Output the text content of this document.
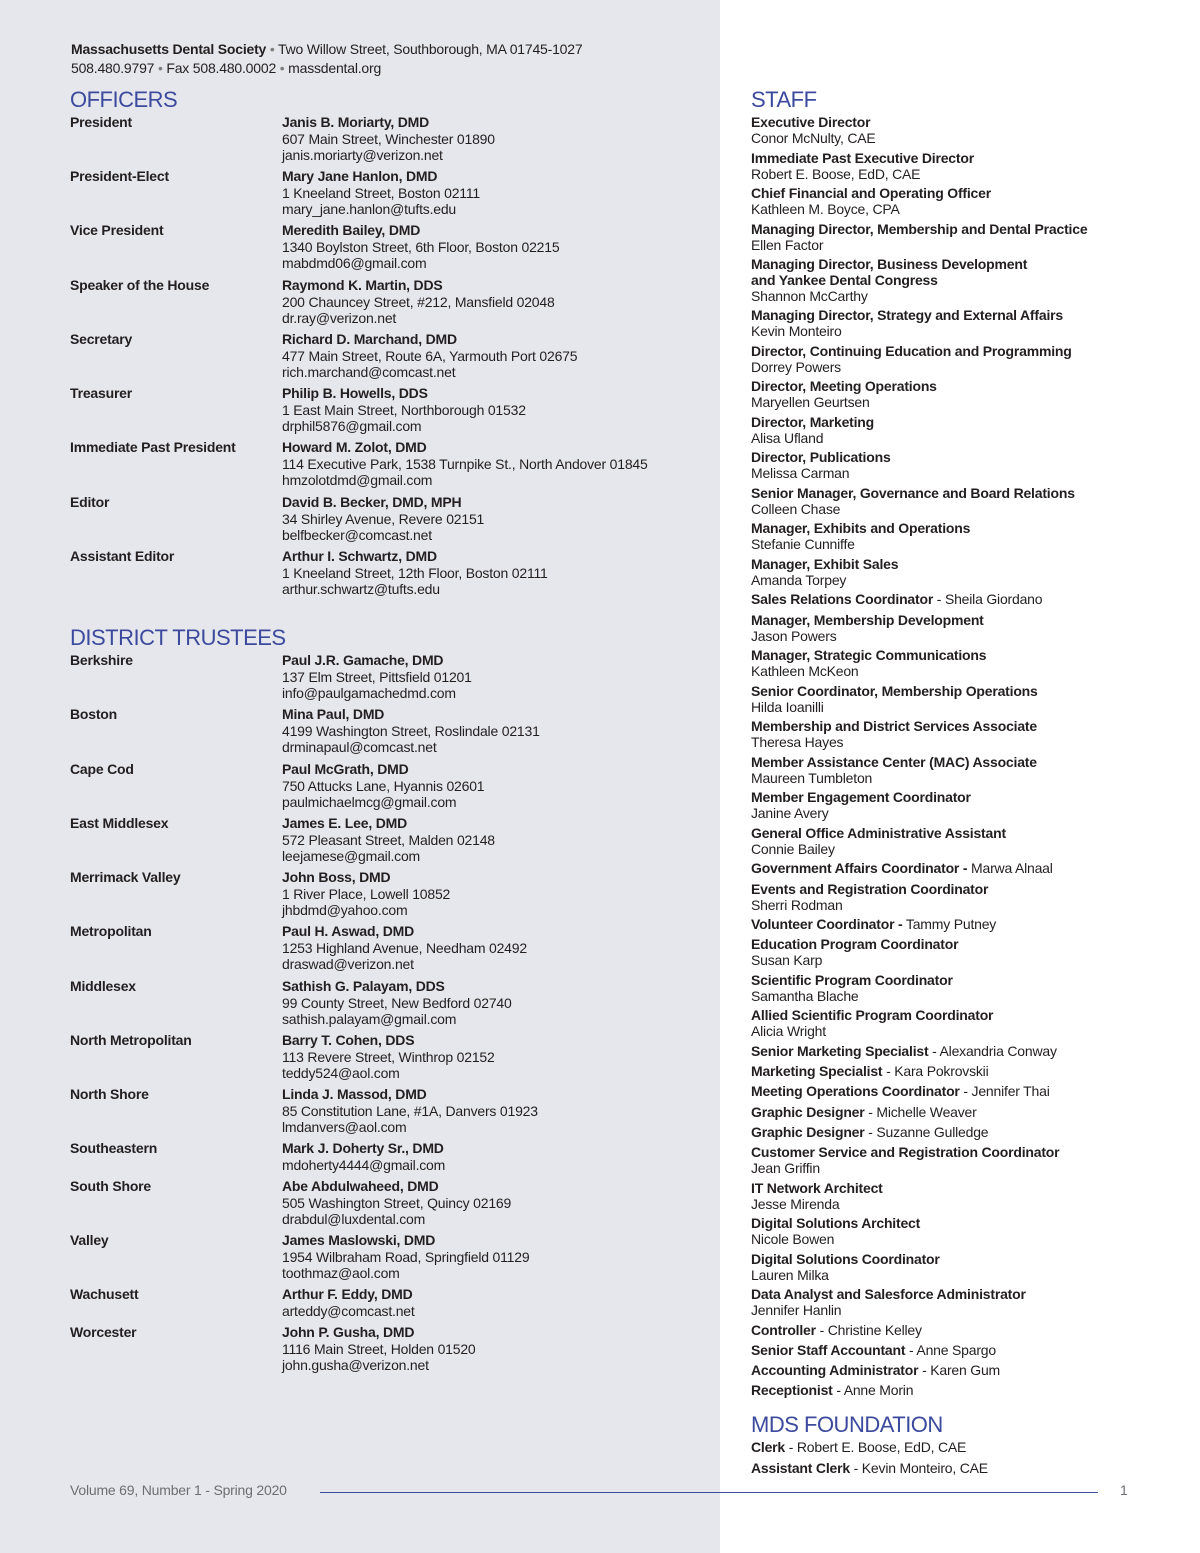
Massachusetts Dental Society • Two Willow Street, Southborough, MA 01745-1027
508.480.9797 • Fax 508.480.0002 • massdental.org
OFFICERS
President	Janis B. Moriarty, DMD
607 Main Street, Winchester 01890
janis.moriarty@verizon.net
President-Elect	Mary Jane Hanlon, DMD
1 Kneeland Street, Boston 02111
mary_jane.hanlon@tufts.edu
Vice President	Meredith Bailey, DMD
1340 Boylston Street, 6th Floor, Boston 02215
mabdmd06@gmail.com
Speaker of the House	Raymond K. Martin, DDS
200 Chauncey Street, #212, Mansfield 02048
dr.ray@verizon.net
Secretary	Richard D. Marchand, DMD
477 Main Street, Route 6A, Yarmouth Port 02675
rich.marchand@comcast.net
Treasurer	Philip B. Howells, DDS
1 East Main Street, Northborough 01532
drphil5876@gmail.com
Immediate Past President	Howard M. Zolot, DMD
114 Executive Park, 1538 Turnpike St., North Andover 01845
hmzolotdmd@gmail.com
Editor	David B. Becker, DMD, MPH
34 Shirley Avenue, Revere 02151
belfbecker@comcast.net
Assistant Editor	Arthur I. Schwartz, DMD
1 Kneeland Street, 12th Floor, Boston 02111
arthur.schwartz@tufts.edu
DISTRICT TRUSTEES
Berkshire	Paul J.R. Gamache, DMD
137 Elm Street, Pittsfield 01201
info@paulgamachedmd.com
Boston	Mina Paul, DMD
4199 Washington Street, Roslindale 02131
drminapaul@comcast.net
Cape Cod	Paul McGrath, DMD
750 Attucks Lane, Hyannis 02601
paulmichaelmcg@gmail.com
East Middlesex	James E. Lee, DMD
572 Pleasant Street, Malden 02148
leejamese@gmail.com
Merrimack Valley	John Boss, DMD
1 River Place, Lowell 10852
jhbdmd@yahoo.com
Metropolitan	Paul H. Aswad, DMD
1253 Highland Avenue, Needham 02492
draswad@verizon.net
Middlesex	Sathish G. Palayam, DDS
99 County Street, New Bedford 02740
sathish.palayam@gmail.com
North Metropolitan	Barry T. Cohen, DDS
113 Revere Street, Winthrop 02152
teddy524@aol.com
North Shore	Linda J. Massod, DMD
85 Constitution Lane, #1A, Danvers 01923
lmdanvers@aol.com
Southeastern	Mark J. Doherty Sr., DMD
mdoherty4444@gmail.com
South Shore	Abe Abdulwaheed, DMD
505 Washington Street, Quincy 02169
drabdul@luxdental.com
Valley	James Maslowski, DMD
1954 Wilbraham Road, Springfield 01129
toothmaz@aol.com
Wachusett	Arthur F. Eddy, DMD
arteddy@comcast.net
Worcester	John P. Gusha, DMD
1116 Main Street, Holden 01520
john.gusha@verizon.net
STAFF
Executive Director
Conor McNulty, CAE
Immediate Past Executive Director
Robert E. Boose, EdD, CAE
Chief Financial and Operating Officer
Kathleen M. Boyce, CPA
Managing Director, Membership and Dental Practice
Ellen Factor
Managing Director, Business Development
and Yankee Dental Congress
Shannon McCarthy
Managing Director, Strategy and External Affairs
Kevin Monteiro
Director, Continuing Education and Programming
Dorrey Powers
Director, Meeting Operations
Maryellen Geurtsen
Director, Marketing
Alisa Ufland
Director, Publications
Melissa Carman
Senior Manager, Governance and Board Relations
Colleen Chase
Manager, Exhibits and Operations
Stefanie Cunniffe
Manager, Exhibit Sales
Amanda Torpey
Sales Relations Coordinator - Sheila Giordano
Manager, Membership Development
Jason Powers
Manager, Strategic Communications
Kathleen McKeon
Senior Coordinator, Membership Operations
Hilda Ioanilli
Membership and District Services Associate
Theresa Hayes
Member Assistance Center (MAC) Associate
Maureen Tumbleton
Member Engagement Coordinator
Janine Avery
General Office Administrative Assistant
Connie Bailey
Government Affairs Coordinator - Marwa Alnaal
Events and Registration Coordinator
Sherri Rodman
Volunteer Coordinator - Tammy Putney
Education Program Coordinator
Susan Karp
Scientific Program Coordinator
Samantha Blache
Allied Scientific Program Coordinator
Alicia Wright
Senior Marketing Specialist - Alexandria Conway
Marketing Specialist - Kara Pokrovskii
Meeting Operations Coordinator - Jennifer Thai
Graphic Designer - Michelle Weaver
Graphic Designer - Suzanne Gulledge
Customer Service and Registration Coordinator
Jean Griffin
IT Network Architect
Jesse Mirenda
Digital Solutions Architect
Nicole Bowen
Digital Solutions Coordinator
Lauren Milka
Data Analyst and Salesforce Administrator
Jennifer Hanlin
Controller - Christine Kelley
Senior Staff Accountant - Anne Spargo
Accounting Administrator - Karen Gum
Receptionist - Anne Morin
MDS FOUNDATION
Clerk - Robert E. Boose, EdD, CAE
Assistant Clerk - Kevin Monteiro, CAE
Volume 69, Number 1 - Spring 2020	1
